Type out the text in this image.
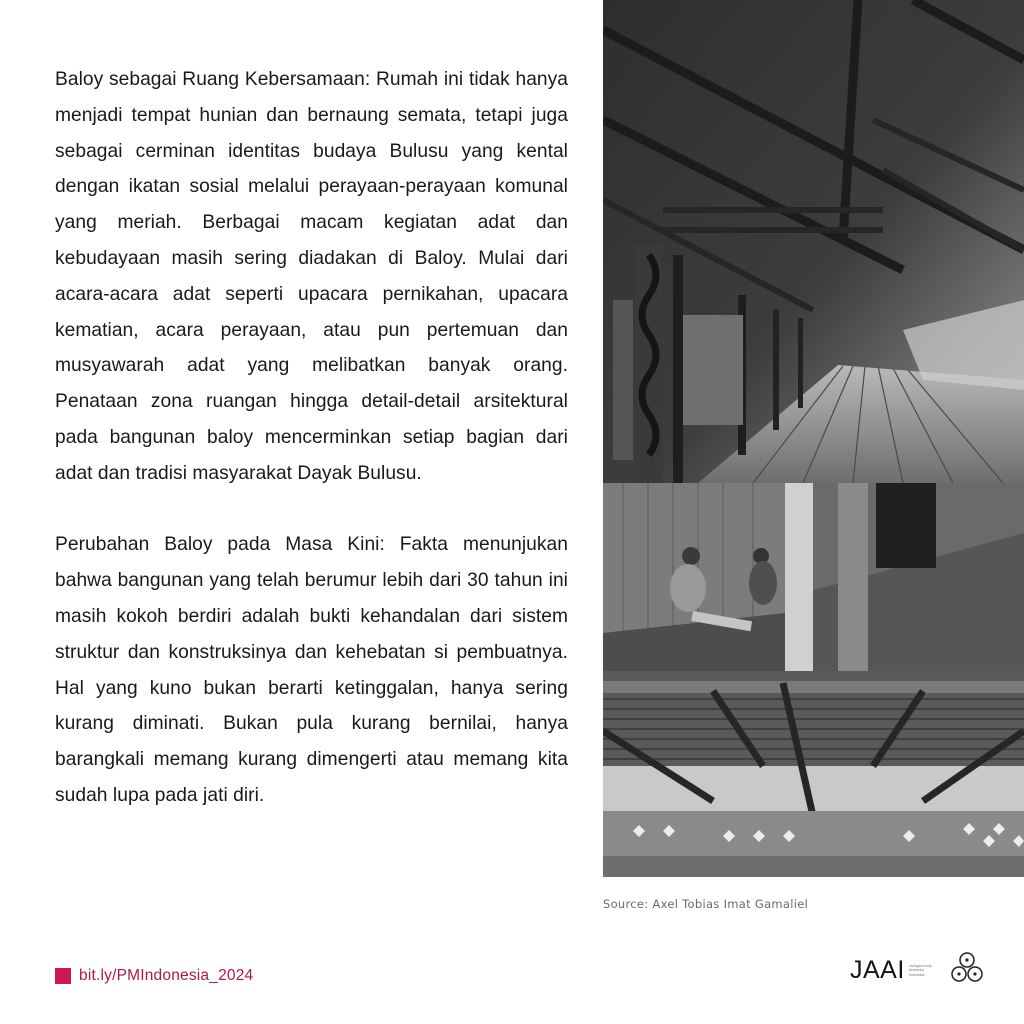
Baloy sebagai Ruang Kebersamaan: Rumah ini tidak hanya menjadi tempat hunian dan bernaung semata, tetapi juga sebagai cerminan identitas budaya Bulusu yang kental dengan ikatan sosial melalui perayaan-perayaan komunal yang meriah. Berbagai macam kegiatan adat dan kebudayaan masih sering diadakan di Baloy. Mulai dari acara-acara adat seperti upacara pernikahan, upacara kematian, acara perayaan, atau pun pertemuan dan musyawarah adat yang melibatkan banyak orang. Penataan zona ruangan hingga detail-detail arsitektural pada bangunan baloy mencerminkan setiap bagian dari adat dan tradisi masyarakat Dayak Bulusu.

Perubahan Baloy pada Masa Kini: Fakta menunjukan bahwa bangunan yang telah berumur lebih dari 30 tahun ini masih kokoh berdiri adalah bukti kehandalan dari sistem struktur dan konstruksinya dan kehebatan si pembuatnya. Hal yang kuno bukan berarti ketinggalan, hanya sering kurang diminati. Bukan pula kurang bernilai, hanya barangkali memang kurang dimengerti atau memang kita sudah lupa pada jati diri.

Source: Axel Tobias Imat Gamaliel
bit.ly/PMIndonesia_2024	JAAI Jaringan Arsip Arsitektur Indonesia
